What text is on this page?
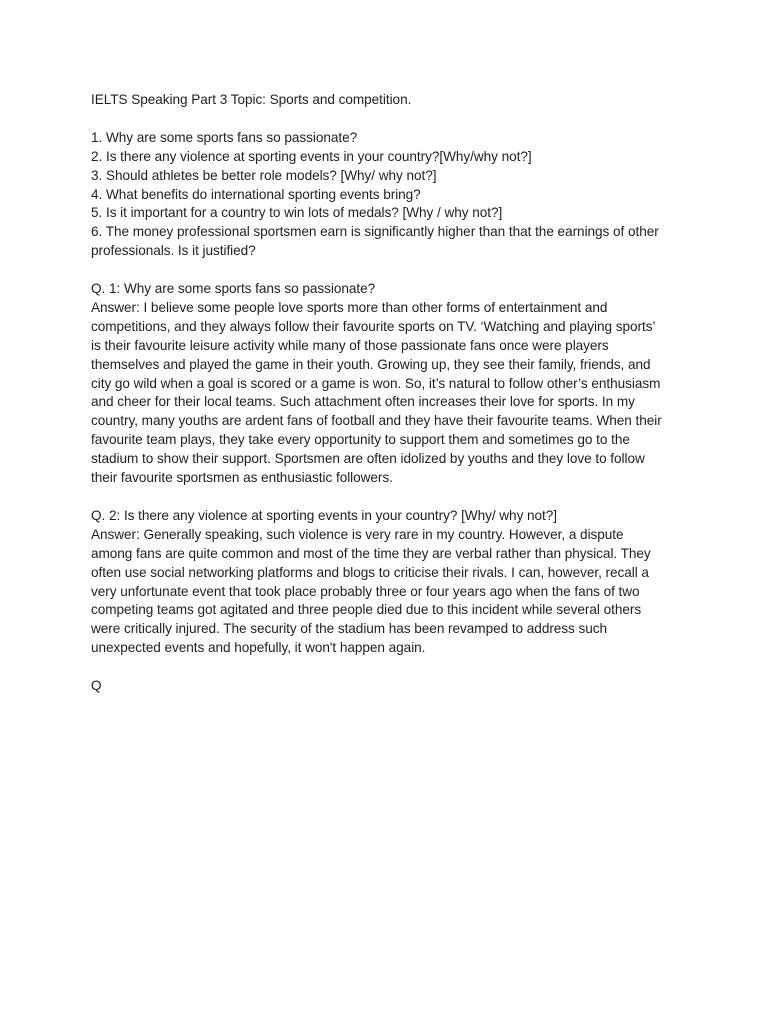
IELTS Speaking Part 3 Topic: Sports and competition.
1. Why are some sports fans so passionate?
2. Is there any violence at sporting events in your country?[Why/why not?]
3. Should athletes be better role models? [Why/ why not?]
4. What benefits do international sporting events bring?
5. Is it important for a country to win lots of medals? [Why / why not?]
6. The money professional sportsmen earn is significantly higher than that the earnings of other
professionals. Is it justified?
Q. 1: Why are some sports fans so passionate?
Answer: I believe some people love sports more than other forms of entertainment and
competitions, and they always follow their favourite sports on TV. ‘Watching and playing sports’
is their favourite leisure activity while many of those passionate fans once were players
themselves and played the game in their youth. Growing up, they see their family, friends, and
city go wild when a goal is scored or a game is won. So, it’s natural to follow other’s enthusiasm
and cheer for their local teams. Such attachment often increases their love for sports. In my
country, many youths are ardent fans of football and they have their favourite teams. When their
favourite team plays, they take every opportunity to support them and sometimes go to the
stadium to show their support. Sportsmen are often idolized by youths and they love to follow
their favourite sportsmen as enthusiastic followers.
Q. 2: Is there any violence at sporting events in your country? [Why/ why not?]
Answer: Generally speaking, such violence is very rare in my country. However, a dispute
among fans are quite common and most of the time they are verbal rather than physical. They
often use social networking platforms and blogs to criticise their rivals. I can, however, recall a
very unfortunate event that took place probably three or four years ago when the fans of two
competing teams got agitated and three people died due to this incident while several others
were critically injured. The security of the stadium has been revamped to address such
unexpected events and hopefully, it won't happen again.
Q
